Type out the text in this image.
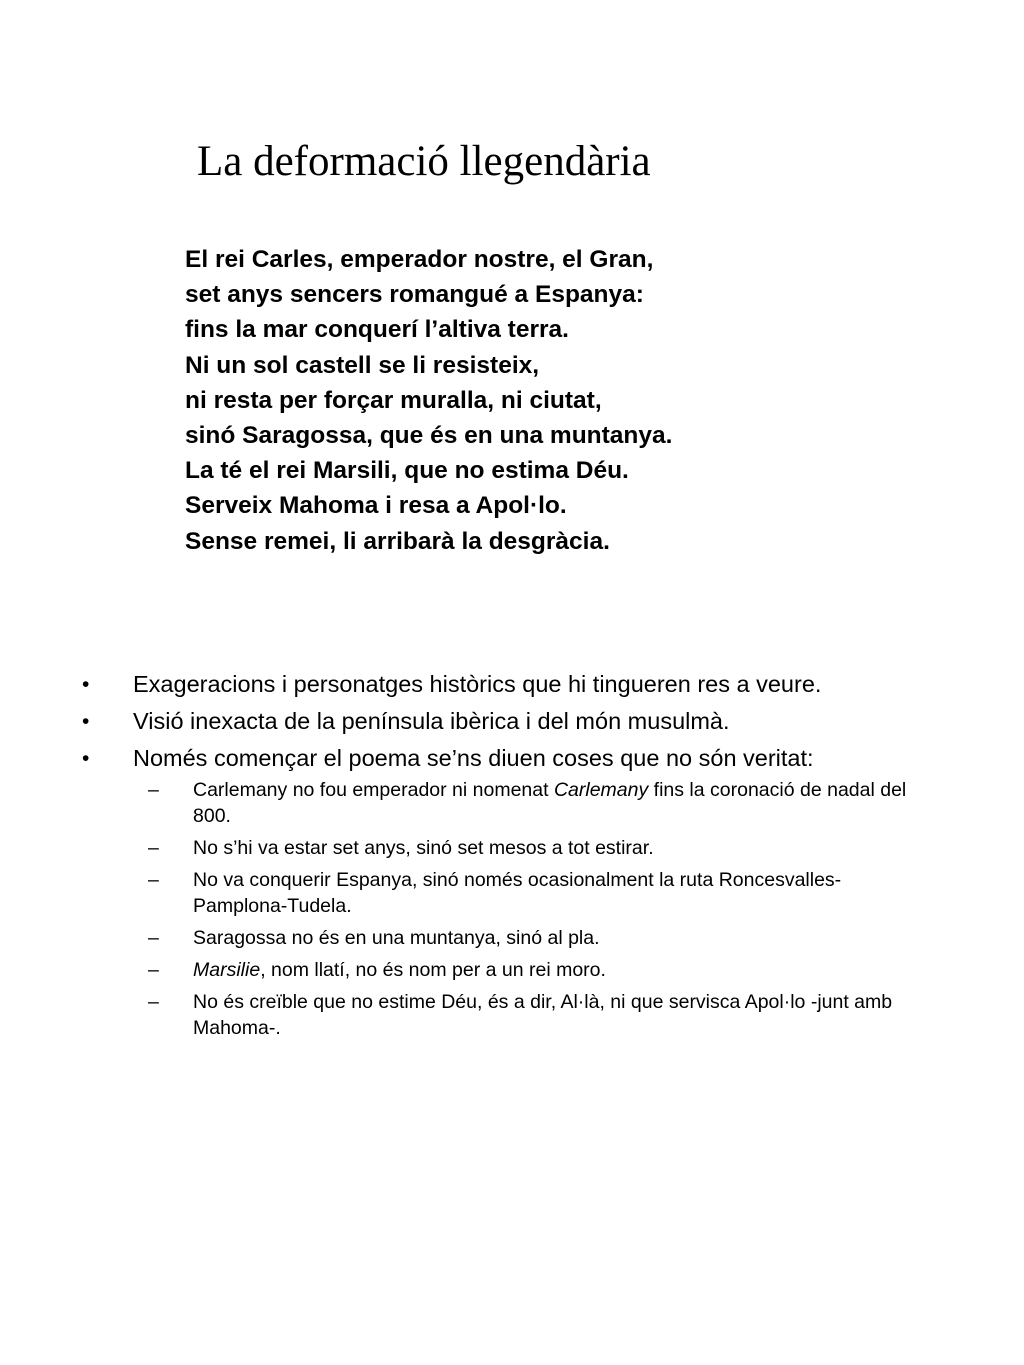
La deformació llegendària
El rei Carles, emperador nostre, el Gran,
set anys sencers romangué a Espanya:
fins la mar conquerí l’altiva terra.
Ni un sol castell se li resisteix,
ni resta per forçar muralla, ni ciutat,
sinó Saragossa, que és en una muntanya.
La té el rei Marsili, que no estima Déu.
Serveix Mahoma i resa a Apol·lo.
Sense remei, li arribarà la desgràcia.
• Exageracions i personatges històrics que hi tingueren res a veure.
• Visió inexacta de la península ibèrica i del món musulmà.
• Només començar el poema se’ns diuen coses que no són veritat:
– Carlemany no fou emperador ni nomenat Carlemany fins la coronació de nadal del 800.
– No s’hi va estar set anys, sinó set mesos a tot estirar.
– No va conquerir Espanya, sinó només ocasionalment la ruta Roncesvalles-Pamplona-Tudela.
– Saragossa no és en una muntanya, sinó al pla.
– Marsilie, nom llatí, no és nom per a un rei moro.
– No és creïble que no estime Déu, és a dir, Al·là, ni que servisca Apol·lo -junt amb Mahoma-.
